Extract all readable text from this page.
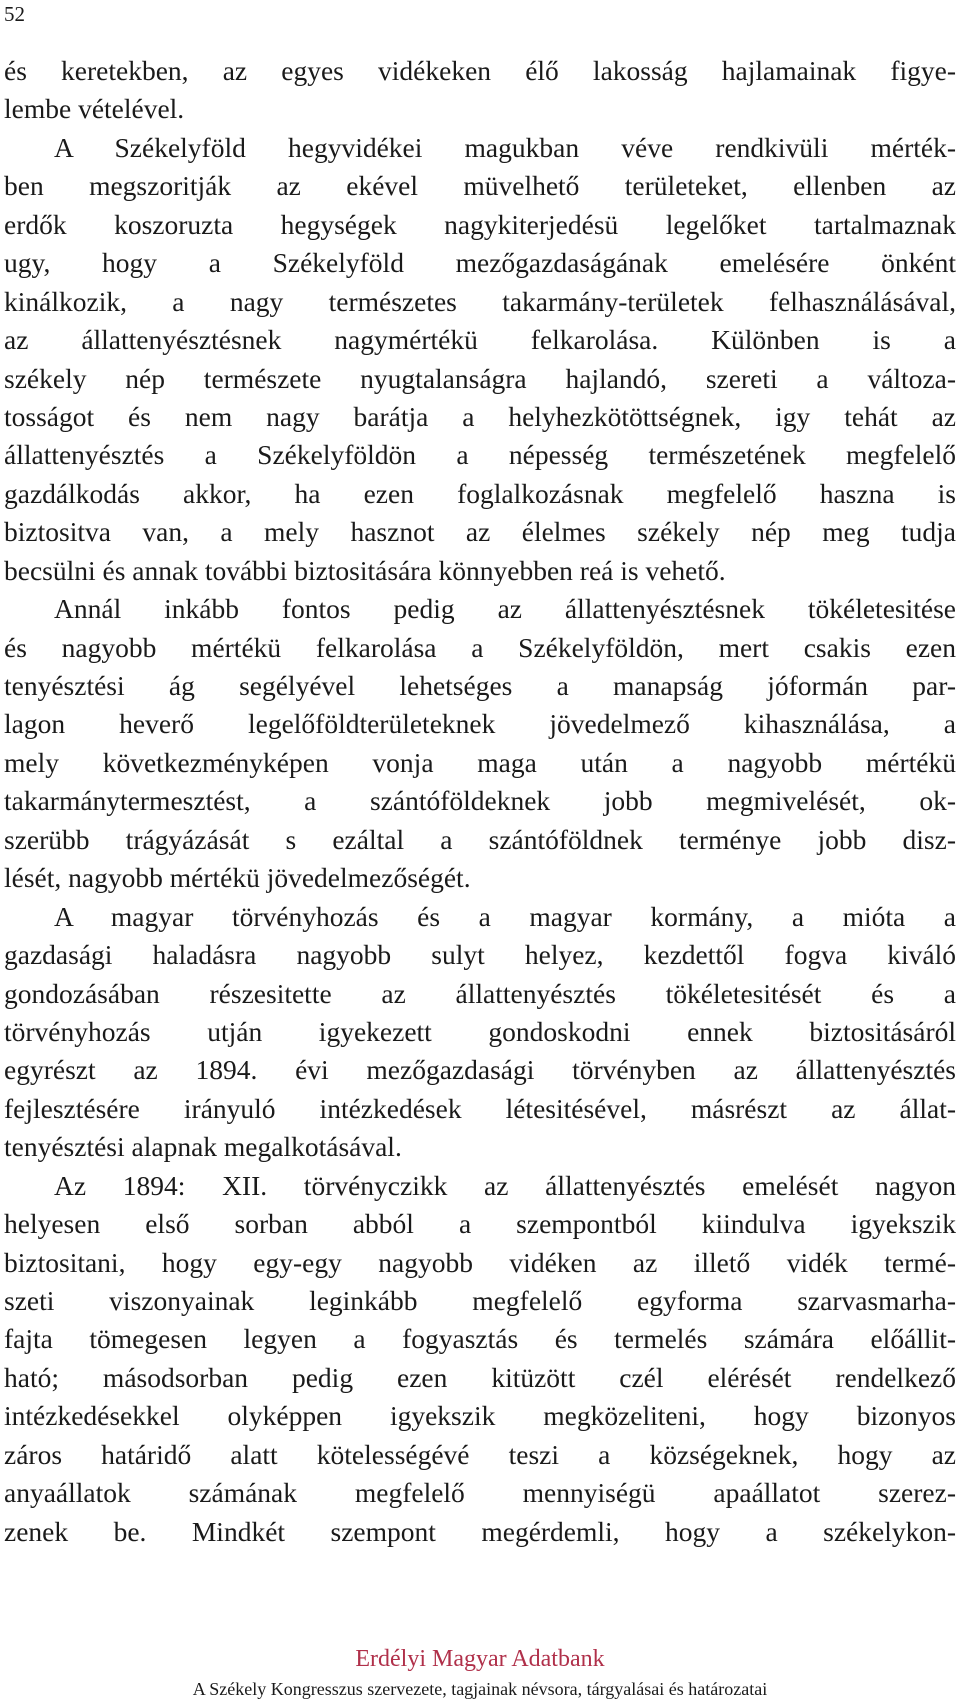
52
és keretekben, az egyes vidékeken élő lakosság hajlamainak figye-
lembe vételével.
A Székelyföld hegyvidékei magukban véve rendkivüli mérték-
ben megszoritják az ekével müvelhető területeket, ellenben az
erdők koszoruzta hegységek nagykiterjedésü legelőket tartalmaznak
ugy, hogy a Székelyföld mezőgazdaságának emelésére önként
kinálkozik, a nagy természetes takarmány-területek felhasználásával,
az állattenyésztésnek nagymértékü felkarolása. Különben is a
székely nép természete nyugtalanságra hajlandó, szereti a változa-
tosságot és nem nagy barátja a helyhezkötöttségnek, igy tehát az
állattenyésztés a Székelyföldön a népesség természetének megfelelő
gazdálkodás akkor, ha ezen foglalkozásnak megfelelő haszna is
biztositva van, a mely hasznot az élelmes székely nép meg tudja
becsülni és annak további biztositására könnyebben reá is vehető.
Annál inkább fontos pedig az állattenyésztésnek tökéletesitése
és nagyobb mértékü felkarolása a Székelyföldön, mert csakis ezen
tenyésztési ág segélyével lehetséges a manapság jóformán par-
lagon heverő legelőföldterületeknek jövedelmező kihasználása, a
mely következményképen vonja maga után a nagyobb mértékü
takarmánytermesztést, a szántóföldeknek jobb megmivelését, ok-
szerübb trágyázását s ezáltal a szántóföldnek terménye jobb disz-
lését, nagyobb mértékü jövedelmezőségét.
A magyar törvényhozás és a magyar kormány, a mióta a
gazdasági haladásra nagyobb sulyt helyez, kezdettől fogva kiváló
gondozásában részesitette az állattenyésztés tökéletesitését és a
törvényhozás utján igyekezett gondoskodni ennek biztositásáról
egyrészt az 1894. évi mezőgazdasági törvényben az állattenyésztés
fejlesztésére irányuló intézkedések létesitésével, másrészt az állat-
tenyésztési alapnak megalkotásával.
Az 1894: XII. törvényczikk az állattenyésztés emelését nagyon
helyesen első sorban abból a szempontból kiindulva igyekszik
biztositani, hogy egy-egy nagyobb vidéken az illető vidék termé-
szeti viszonyainak leginkább megfelelő egyforma szarvasmarha-
fajta tömegesen legyen a fogyasztás és termelés számára előállit-
ható; másodsorban pedig ezen kitüzött czél elérését rendelkező
intézkedésekkel olyképpen igyekszik megközeliteni, hogy bizonyos
záros határidő alatt kötelességévé teszi a községeknek, hogy az
anyaállatok számának megfelelő mennyiségü apaállatot szerez-
zenek be. Mindkét szempont megérdemli, hogy a székelykon-
Erdélyi Magyar Adatbank
A Székely Kongresszus szervezete, tagjainak névsora, tárgyalásai és határozatai
